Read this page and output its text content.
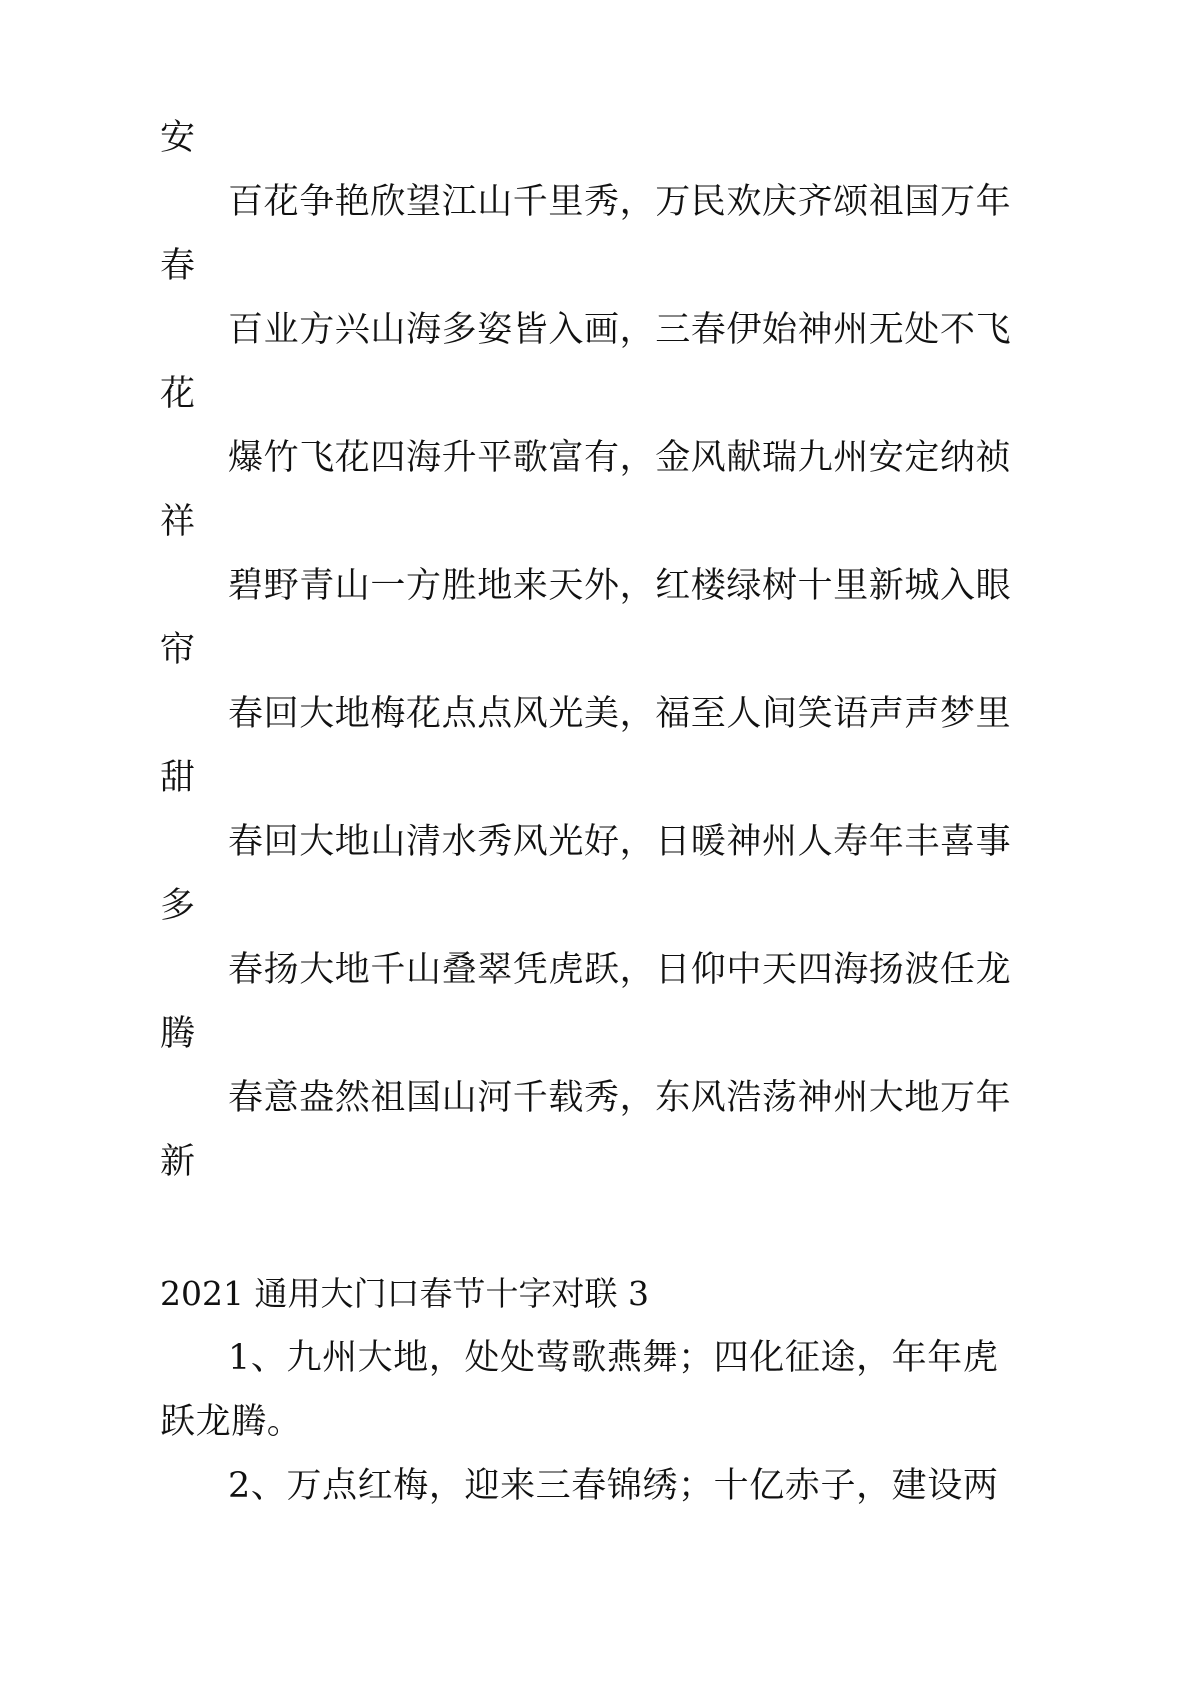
安
百花争艳欣望江山千里秀，万民欢庆齐颂祖国万年
春
百业方兴山海多姿皆入画，三春伊始神州无处不飞
花
爆竹飞花四海升平歌富有，金风献瑞九州安定纳祯
祥
碧野青山一方胜地来天外，红楼绿树十里新城入眼
帘
春回大地梅花点点风光美，福至人间笑语声声梦里
甜
春回大地山清水秀风光好，日暖神州人寿年丰喜事
多
春扬大地千山叠翠凭虎跃，日仰中天四海扬波任龙
腾
春意盎然祖国山河千载秀，东风浩荡神州大地万年
新
2021 通用大门口春节十字对联 3
1、九州大地，处处莺歌燕舞；四化征途，年年虎
跃龙腾。
2、万点红梅，迎来三春锦绣；十亿赤子，建设两
